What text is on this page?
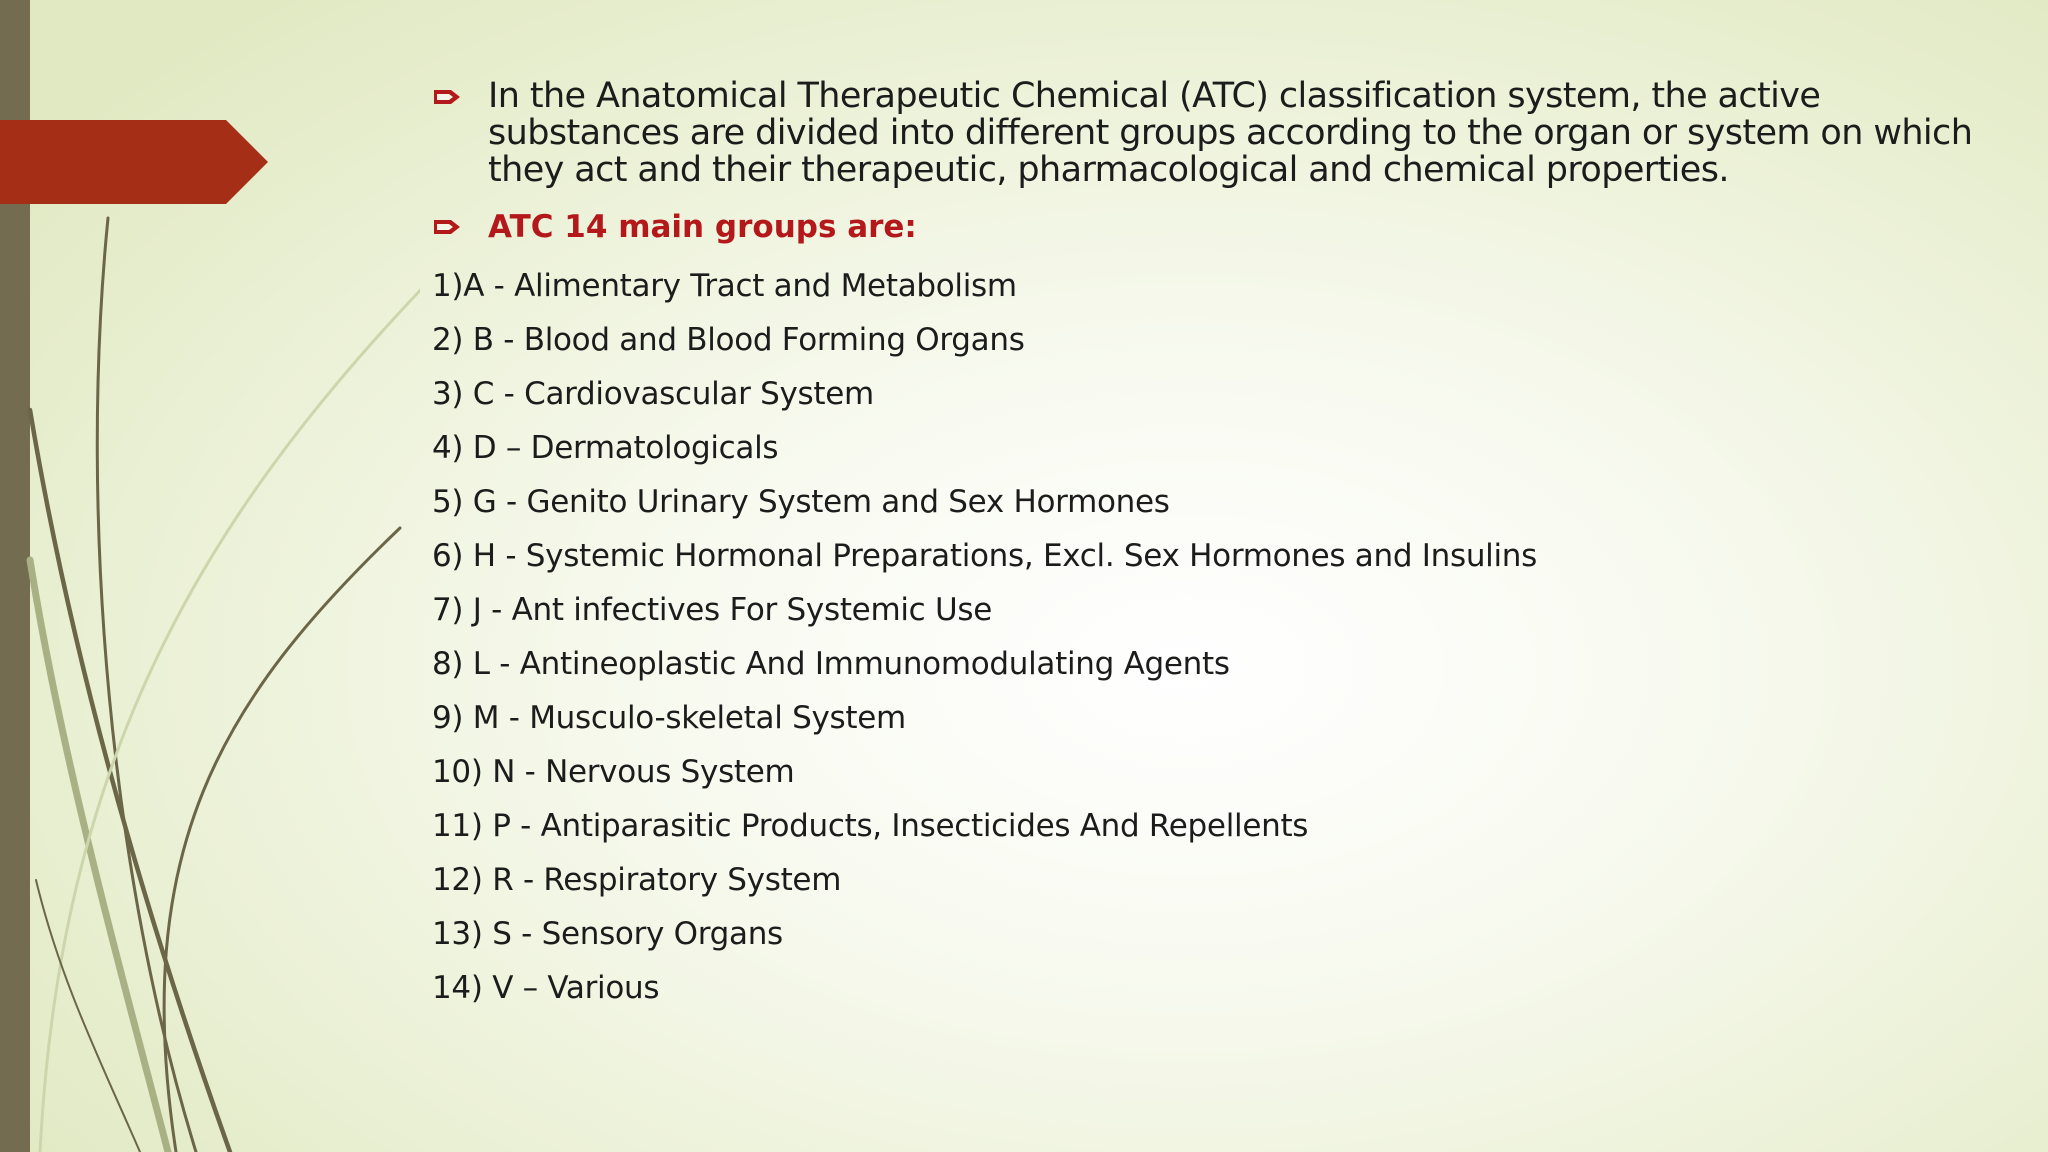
In the Anatomical Therapeutic Chemical (ATC) classification system, the active substances are divided into different groups according to the organ or system on which they act and their therapeutic, pharmacological and chemical properties.
ATC 14 main groups are:
1)A - Alimentary Tract and Metabolism
2) B - Blood and Blood Forming Organs
3) C - Cardiovascular System
4) D – Dermatologicals
5) G - Genito Urinary System and Sex Hormones
6) H - Systemic Hormonal Preparations, Excl. Sex Hormones and Insulins
7) J - Ant infectives For Systemic Use
8) L - Antineoplastic And Immunomodulating Agents
9) M - Musculo-skeletal System
10) N - Nervous System
11) P - Antiparasitic Products, Insecticides And Repellents
12) R - Respiratory System
13) S - Sensory Organs
14) V – Various
